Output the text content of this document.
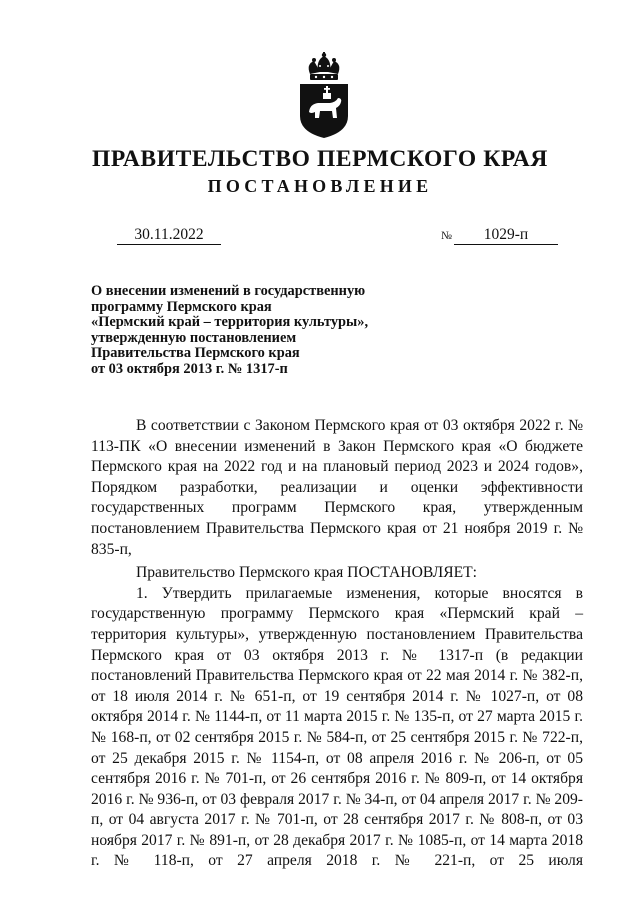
ПРАВИТЕЛЬСТВО ПЕРМСКОГО КРАЯ
ПОСТАНОВЛЕНИЕ
30.11.2022	№	1029-п
О внесении изменений в государственную
программу Пермского края
«Пермский край – территория культуры»,
утвержденную постановлением
Правительства Пермского края
от 03 октября 2013 г. № 1317-п

В соответствии с Законом Пермского края от 03 октября 2022 г. № 113-ПК «О внесении изменений в Закон Пермского края «О бюджете Пермского края на 2022 год и на плановый период 2023 и 2024 годов», Порядком разработки, реализации и оценки эффективности государственных программ Пермского края, утвержденным постановлением Правительства Пермского края от 21 ноября 2019 г. № 835-п,

Правительство Пермского края ПОСТАНОВЛЯЕТ:

1. Утвердить прилагаемые изменения, которые вносятся в государственную программу Пермского края «Пермский край – территория культуры», утвержденную постановлением Правительства Пермского края от 03 октября 2013 г. № 1317-п (в редакции постановлений Правительства Пермского края от 22 мая 2014 г. № 382-п, от 18 июля 2014 г. № 651-п, от 19 сентября 2014 г. № 1027-п, от 08 октября 2014 г. № 1144-п, от 11 марта 2015 г. № 135-п, от 27 марта 2015 г. № 168-п, от 02 сентября 2015 г. № 584-п, от 25 сентября 2015 г. № 722-п, от 25 декабря 2015 г. № 1154-п, от 08 апреля 2016 г. № 206-п, от 05 сентября 2016 г. № 701-п, от 26 сентября 2016 г. № 809-п, от 14 октября 2016 г. № 936-п, от 03 февраля 2017 г. № 34-п, от 04 апреля 2017 г. № 209-п, от 04 августа 2017 г. № 701-п, от 28 сентября 2017 г. № 808-п, от 03 ноября 2017 г. № 891-п, от 28 декабря 2017 г. № 1085-п, от 14 марта 2018 г. № 118-п, от 27 апреля 2018 г. № 221-п, от 25 июля
